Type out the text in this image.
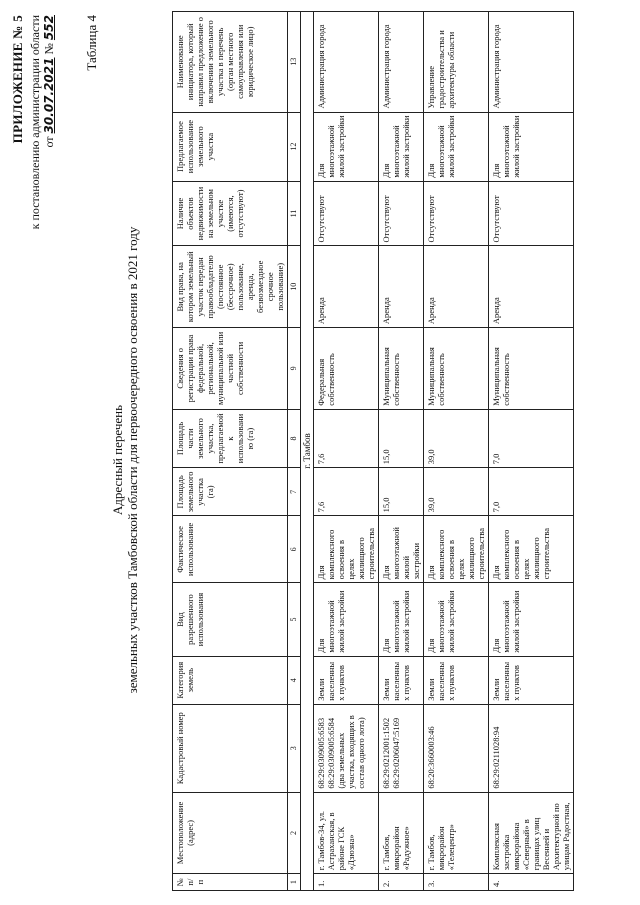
ПРИЛОЖЕНИЕ № 5 к постановлению администрации области от 30.07.2021 № 552 Таблица 4
Адресный перечень земельных участков Тамбовской области для первоочередного освоения в 2021 году
№ п/п	Местоположение (адрес)	Кадастровый номер	Категория земель	Вид разрешенного использования	Фактическое использование	Площадь земельного участка (га)	Площадь части земельного участка, предлагаемой к использованию (га)	Сведения о регистрации права федеральной, региональной, муниципальной или частной собственности	Вид права, на котором земельный участок передан правообладателю (постоянное (бессрочное) пользование, аренда, безвозмездное срочное пользование)	Наличие объектов недвижимости на земельном участке (имеются, отсутствуют)	Предлагаемое использование земельного участка	Наименование инициатора, который направил предложение о включении земельного участка в перечень (орган местного самоуправления или юридическое лицо)
1	2	3	4	5	6	7	8	9	10	11	12	13
г. Тамбов												
1.	г. Тамбов-34, ул. Астраханская, в районе ГСК «Дзюзна»	68:29:0309005:6583 68:29:0309005:6584 (два земельных участка, входящих в состав одного лота)	Земли населенных пунктов	Для многоэтажной жилой застройки	Для комплексного освоения в целях жилищного строительства	7,6	7,6	Федеральная собственность	Аренда	Отсутствуют	Для многоэтажной жилой застройки	Администрация города
2.	г. Тамбов, микрорайон «Радужное»	68:29:0212001:1502 68:29:0206047:5169	Земли населенных пунктов	Для многоэтажной жилой застройки	Для многоэтажной жилой застройки	15,0	15,0	Муниципальная собственность	Аренда	Отсутствуют	Для многоэтажной жилой застройки	Администрация города
3.	г. Тамбов, микрорайон «Телецентр»	68:20:3660003:46	Земли населенных пунктов	Для многоэтажной жилой застройки	Для комплексного освоения в целях жилищного строительства	39,0	39,0	Муниципальная собственность	Аренда	Отсутствуют	Для многоэтажной жилой застройки	Управление градостроительства и архитектуры области
4.	Комплексная застройка микрорайона «Северный» в границах улиц Весенней и Архитектурной по улицам Радостная,	68:29:0211028:94	Земли населенных пунктов	Для многоэтажной жилой застройки	Для комплексного освоения в целях жилищного строительства	7,0	7,0	Муниципальная собственность	Аренда	Отсутствуют	Для многоэтажной жилой застройки	Администрация города
